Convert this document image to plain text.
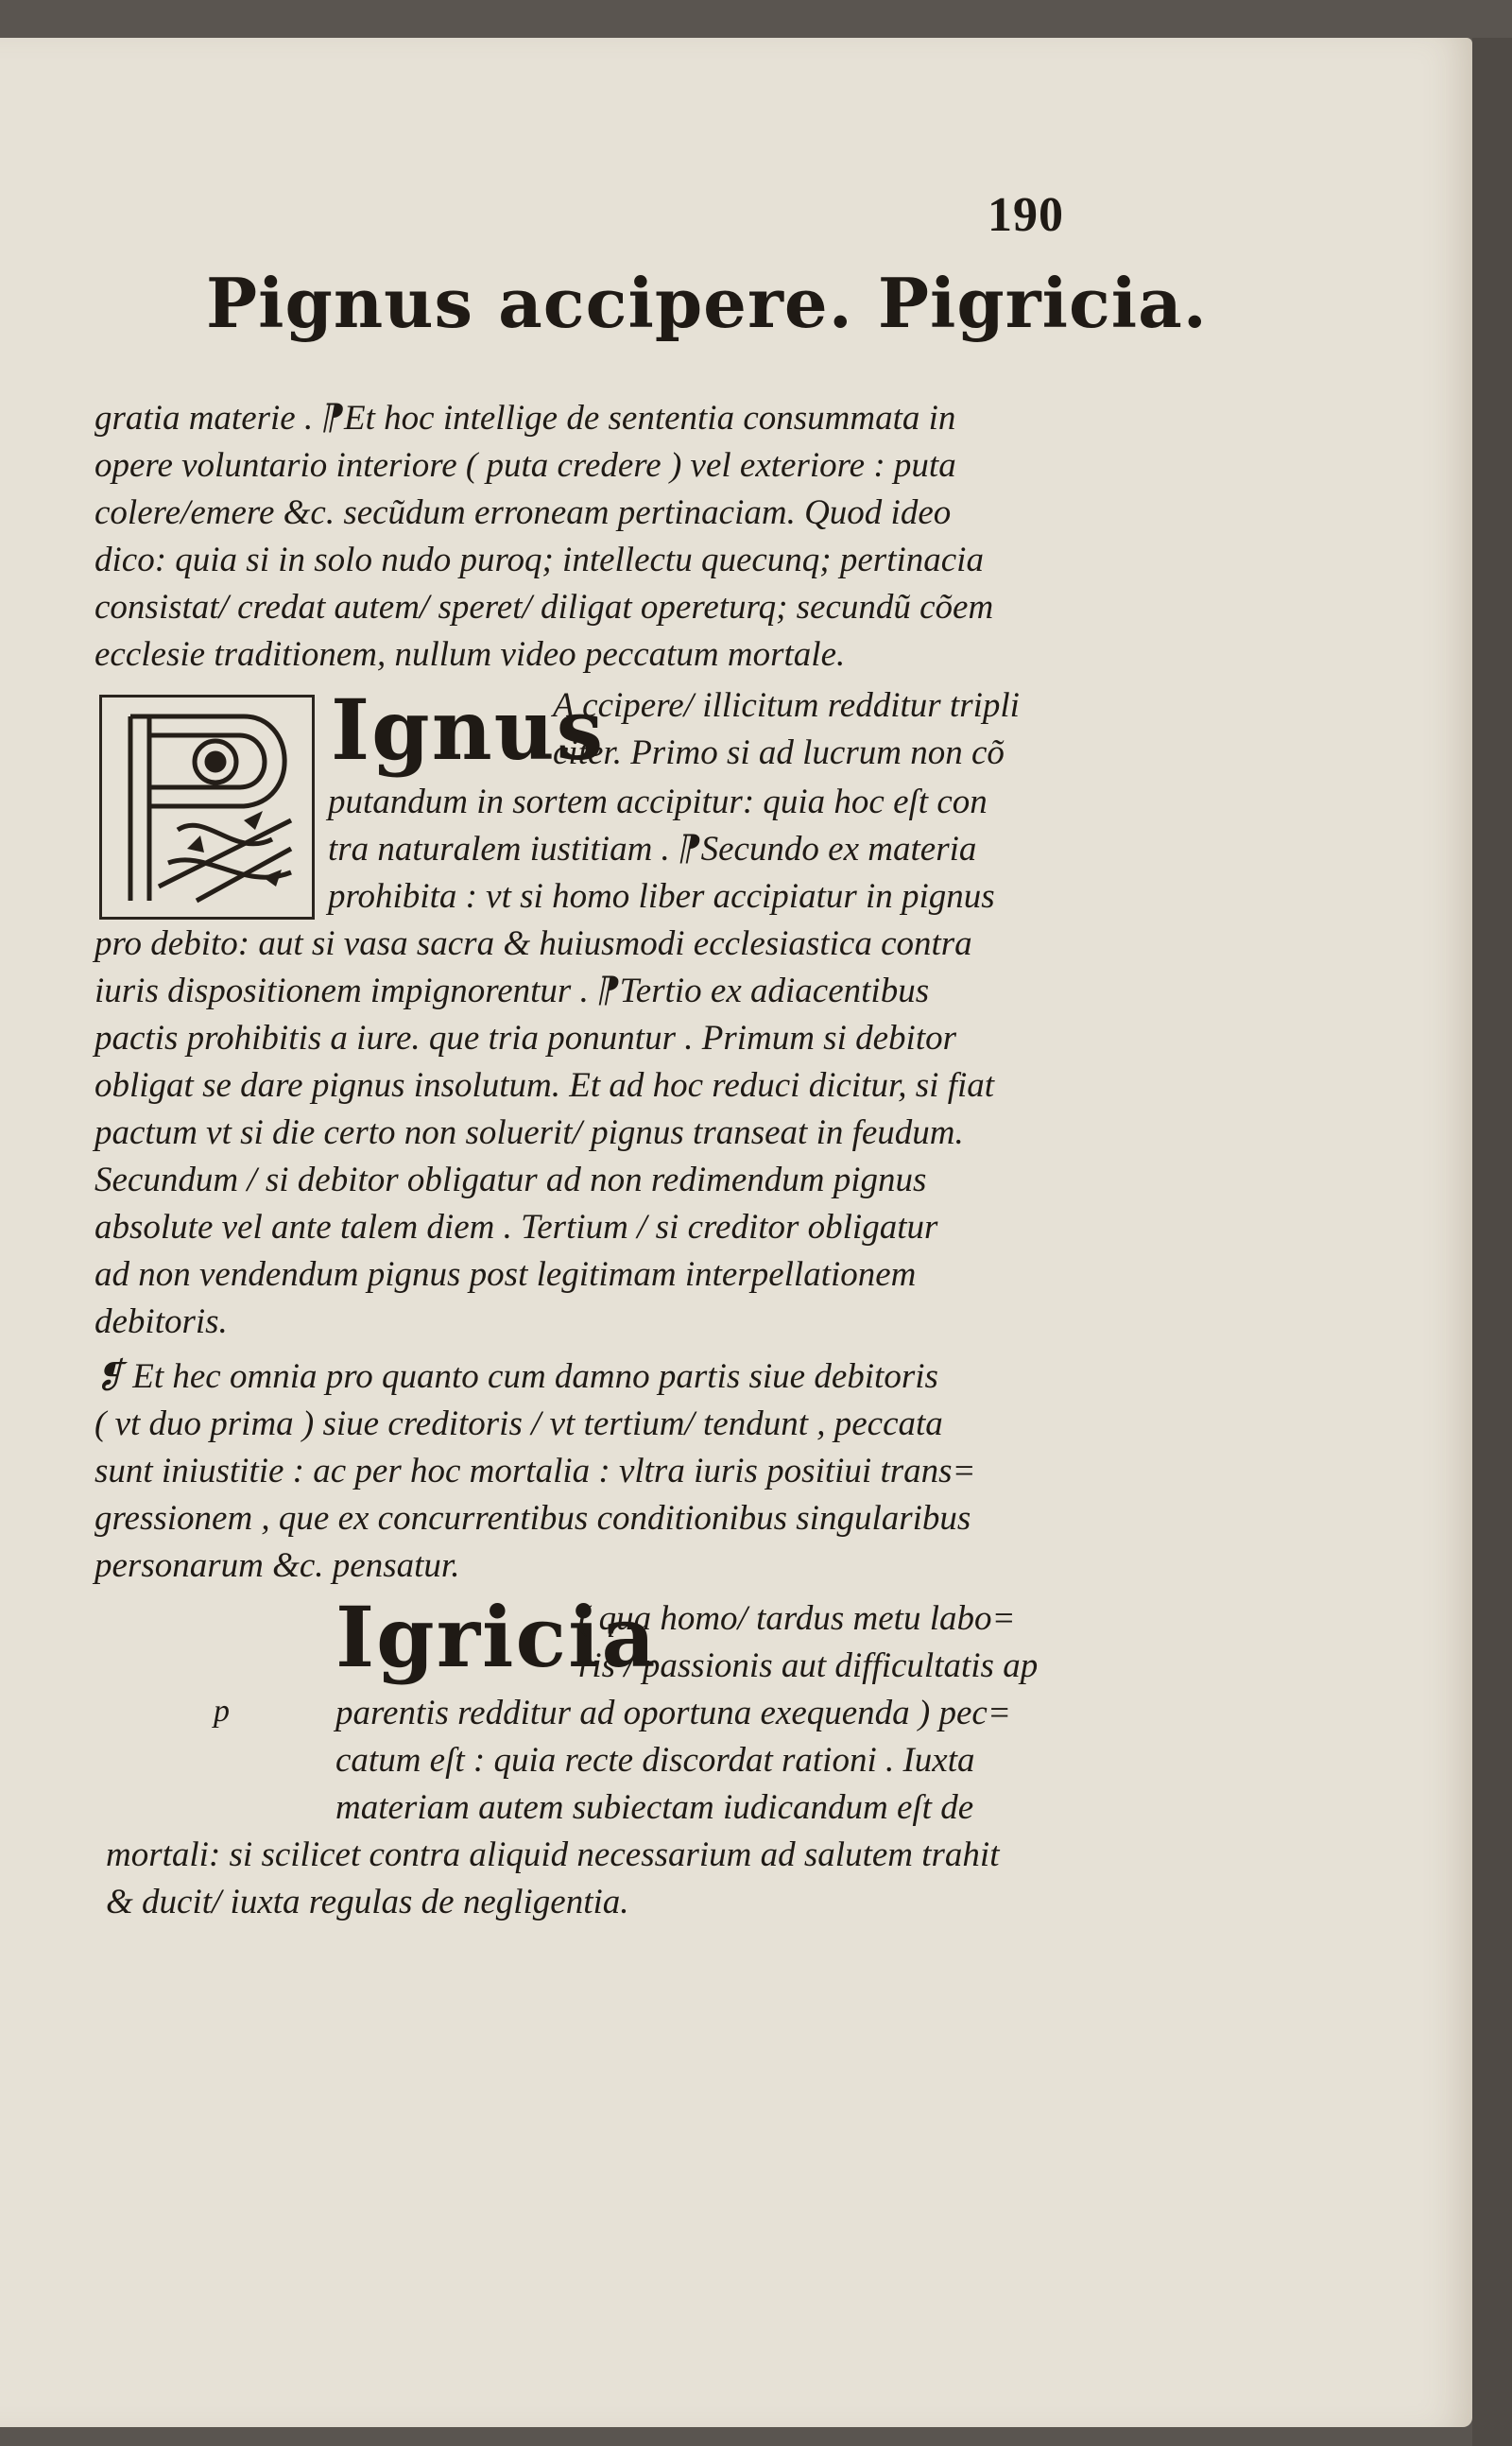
190
Pignus accipere. Pigricia.
gratia materie . ⁋Et hoc intellige de sententia consummata in
opere voluntario interiore ( puta credere ) vel exteriore : puta
colere/emere &c. secũdum erroneam pertinaciam. Quod ideo
dico: quia si in solo nudo puroq; intellectu quecunq; pertinacia
consistat/ credat autem/ speret/ diligat opereturq; secundũ cõem
ecclesie traditionem, nullum video peccatum mortale.
Ignus
A ccipere/ illicitum redditur tripli
citer. Primo si ad lucrum non cõ
putandum in sortem accipitur: quia hoc eſt con
tra naturalem iustitiam . ⁋Secundo ex materia
prohibita : vt si homo liber accipiatur in pignus
pro debito: aut si vasa sacra & huiusmodi ecclesiastica contra
iuris dispositionem impignorentur . ⁋Tertio ex adiacentibus
pactis prohibitis a iure. que tria ponuntur . Primum si debitor
obligat se dare pignus insolutum. Et ad hoc reduci dicitur, si fiat
pactum vt si die certo non soluerit/ pignus transeat in feudum.
Secundum / si debitor obligatur ad non redimendum pignus
absolute vel ante talem diem . Tertium / si creditor obligatur
ad non vendendum pignus post legitimam interpellationem
debitoris.
❡ Et hec omnia pro quanto cum damno partis siue debitoris
( vt duo prima ) siue creditoris / vt tertium/ tendunt , peccata
sunt iniustitie : ac per hoc mortalia : vltra iuris positiui trans=
gressionem , que ex concurrentibus conditionibus singularibus
personarum &c. pensatur.
p
Igricia
( qua homo/ tardus metu labo=
ris / passionis aut difficultatis ap
parentis redditur ad oportuna exequenda ) pec=
catum eſt : quia recte discordat rationi . Iuxta
materiam autem subiectam iudicandum eſt de
mortali: si scilicet contra aliquid necessarium ad salutem trahit
& ducit/ iuxta regulas de negligentia.
